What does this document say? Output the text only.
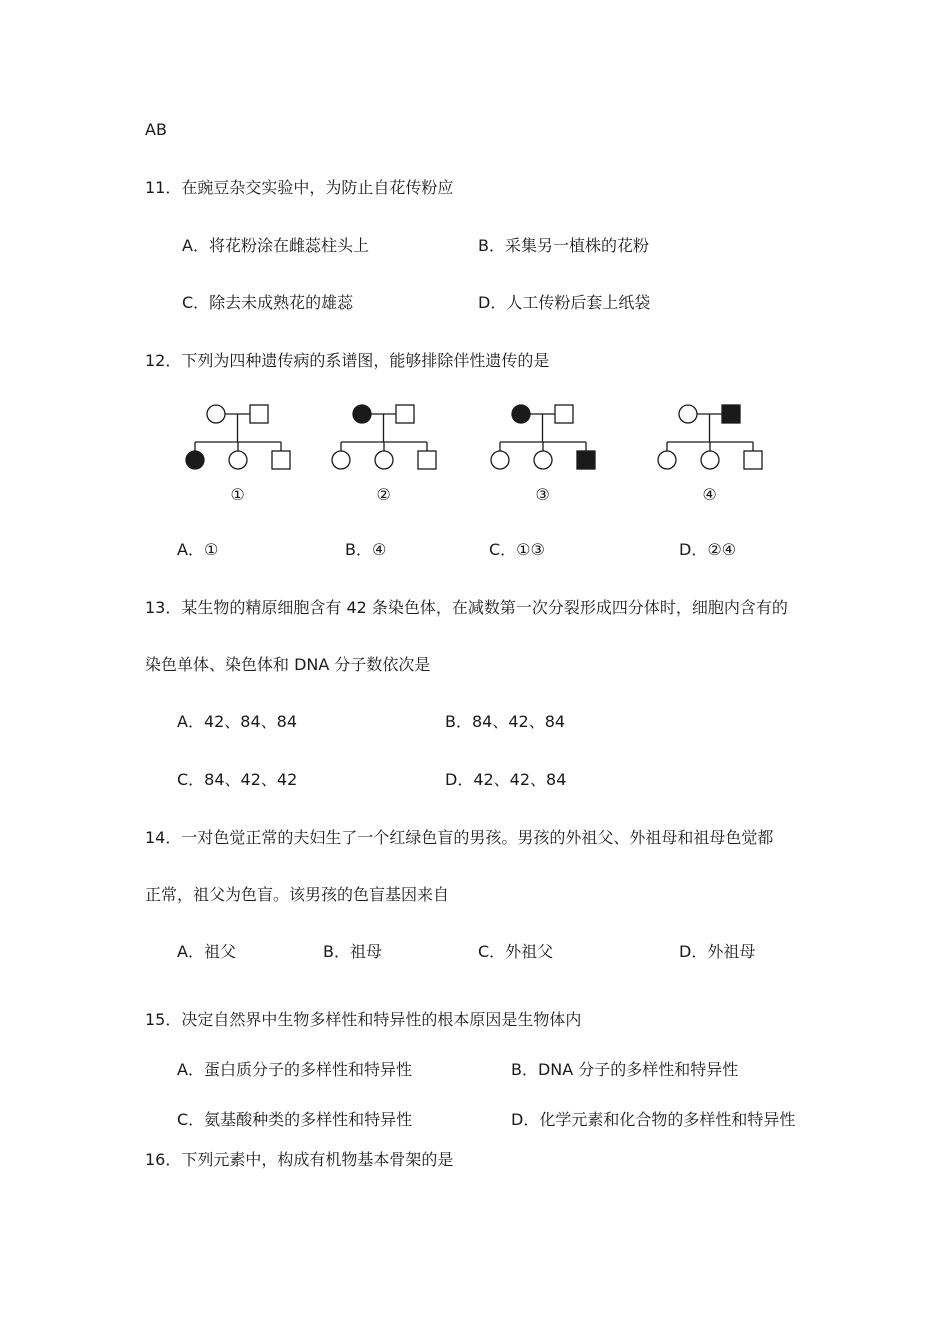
AB
11．在豌豆杂交实验中，为防止自花传粉应
A．将花粉涂在雌蕊柱头上	B．采集另一植株的花粉
C．除去未成熟花的雄蕊	D．人工传粉后套上纸袋
12．下列为四种遗传病的系谱图，能够排除伴性遗传的是
①	②	③	④
A．①	B．④	C．①③	D．②④
13．某生物的精原细胞含有 42 条染色体，在减数第一次分裂形成四分体时，细胞内含有的
染色单体、染色体和 DNA 分子数依次是
A．42、84、84	B．84、42、84
C．84、42、42	D．42、42、84
14．一对色觉正常的夫妇生了一个红绿色盲的男孩。男孩的外祖父、外祖母和祖母色觉都
正常，祖父为色盲。该男孩的色盲基因来自
A．祖父	B．祖母	C．外祖父	D．外祖母
15．决定自然界中生物多样性和特异性的根本原因是生物体内
A．蛋白质分子的多样性和特异性	B．DNA 分子的多样性和特异性
C．氨基酸种类的多样性和特异性	D．化学元素和化合物的多样性和特异性
16．下列元素中，构成有机物基本骨架的是
